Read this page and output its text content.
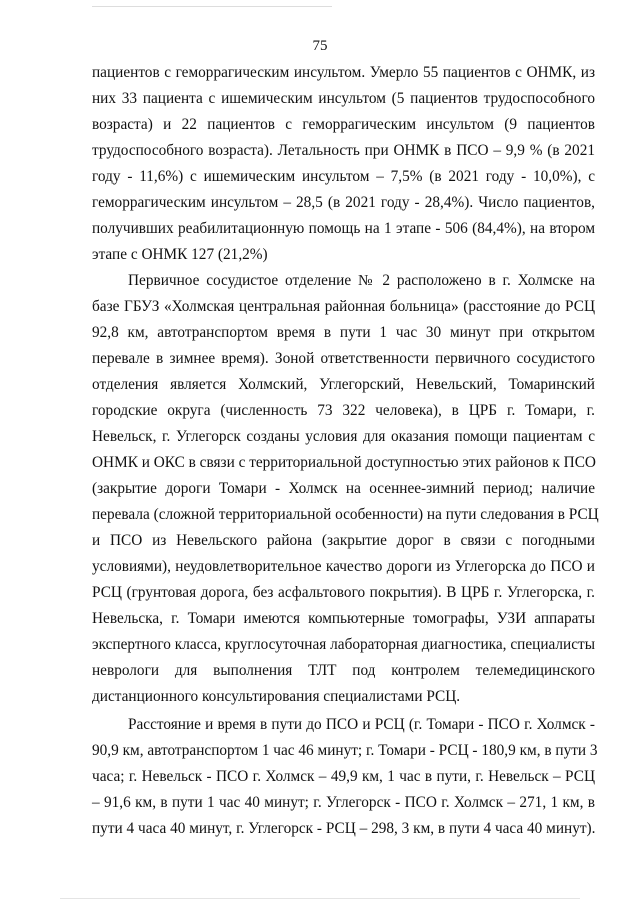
75
пациентов с геморрагическим инсультом. Умерло 55 пациентов с ОНМК, из
них 33 пациента с ишемическим инсультом (5 пациентов трудоспособного
возраста) и 22 пациентов с геморрагическим инсультом (9 пациентов
трудоспособного возраста). Летальность при ОНМК в ПСО – 9,9 % (в 2021
году - 11,6%) с ишемическим инсультом – 7,5% (в 2021 году - 10,0%), с
геморрагическим инсультом – 28,5 (в 2021 году - 28,4%). Число пациентов,
получивших реабилитационную помощь на 1 этапе - 506 (84,4%), на втором
этапе с ОНМК 127 (21,2%)
Первичное сосудистое отделение № 2 расположено в г. Холмске на
базе ГБУЗ «Холмская центральная районная больница» (расстояние до РСЦ
92,8 км, автотранспортом время в пути 1 час 30 минут при открытом
перевале в зимнее время). Зоной ответственности первичного сосудистого
отделения является Холмский, Углегорский, Невельский, Томаринский
городские округа (численность 73 322 человека), в ЦРБ г. Томари, г.
Невельск, г. Углегорск созданы условия для оказания помощи пациентам с
ОНМК и ОКС в связи с территориальной доступностью этих районов к ПСО
(закрытие дороги Томари - Холмск на осеннее-зимний период; наличие
перевала (сложной территориальной особенности) на пути следования в РСЦ
и ПСО из Невельского района (закрытие дорог в связи с погодными
условиями), неудовлетворительное качество дороги из Углегорска до ПСО и
РСЦ (грунтовая дорога, без асфальтового покрытия). В ЦРБ г. Углегорска, г.
Невельска, г. Томари имеются компьютерные томографы, УЗИ аппараты
экспертного класса, круглосуточная лабораторная диагностика, специалисты
неврологи для выполнения ТЛТ под контролем телемедицинского
дистанционного консультирования специалистами РСЦ.
Расстояние и время в пути до ПСО и РСЦ (г. Томари - ПСО г. Холмск -
90,9 км, автотранспортом 1 час 46 минут; г. Томари - РСЦ - 180,9 км, в пути 3
часа; г. Невельск - ПСО г. Холмск – 49,9 км, 1 час в пути, г. Невельск – РСЦ
– 91,6 км, в пути 1 час 40 минут; г. Углегорск - ПСО г. Холмск – 271, 1 км, в
пути 4 часа 40 минут, г. Углегорск - РСЦ – 298, 3 км, в пути 4 часа 40 минут).
